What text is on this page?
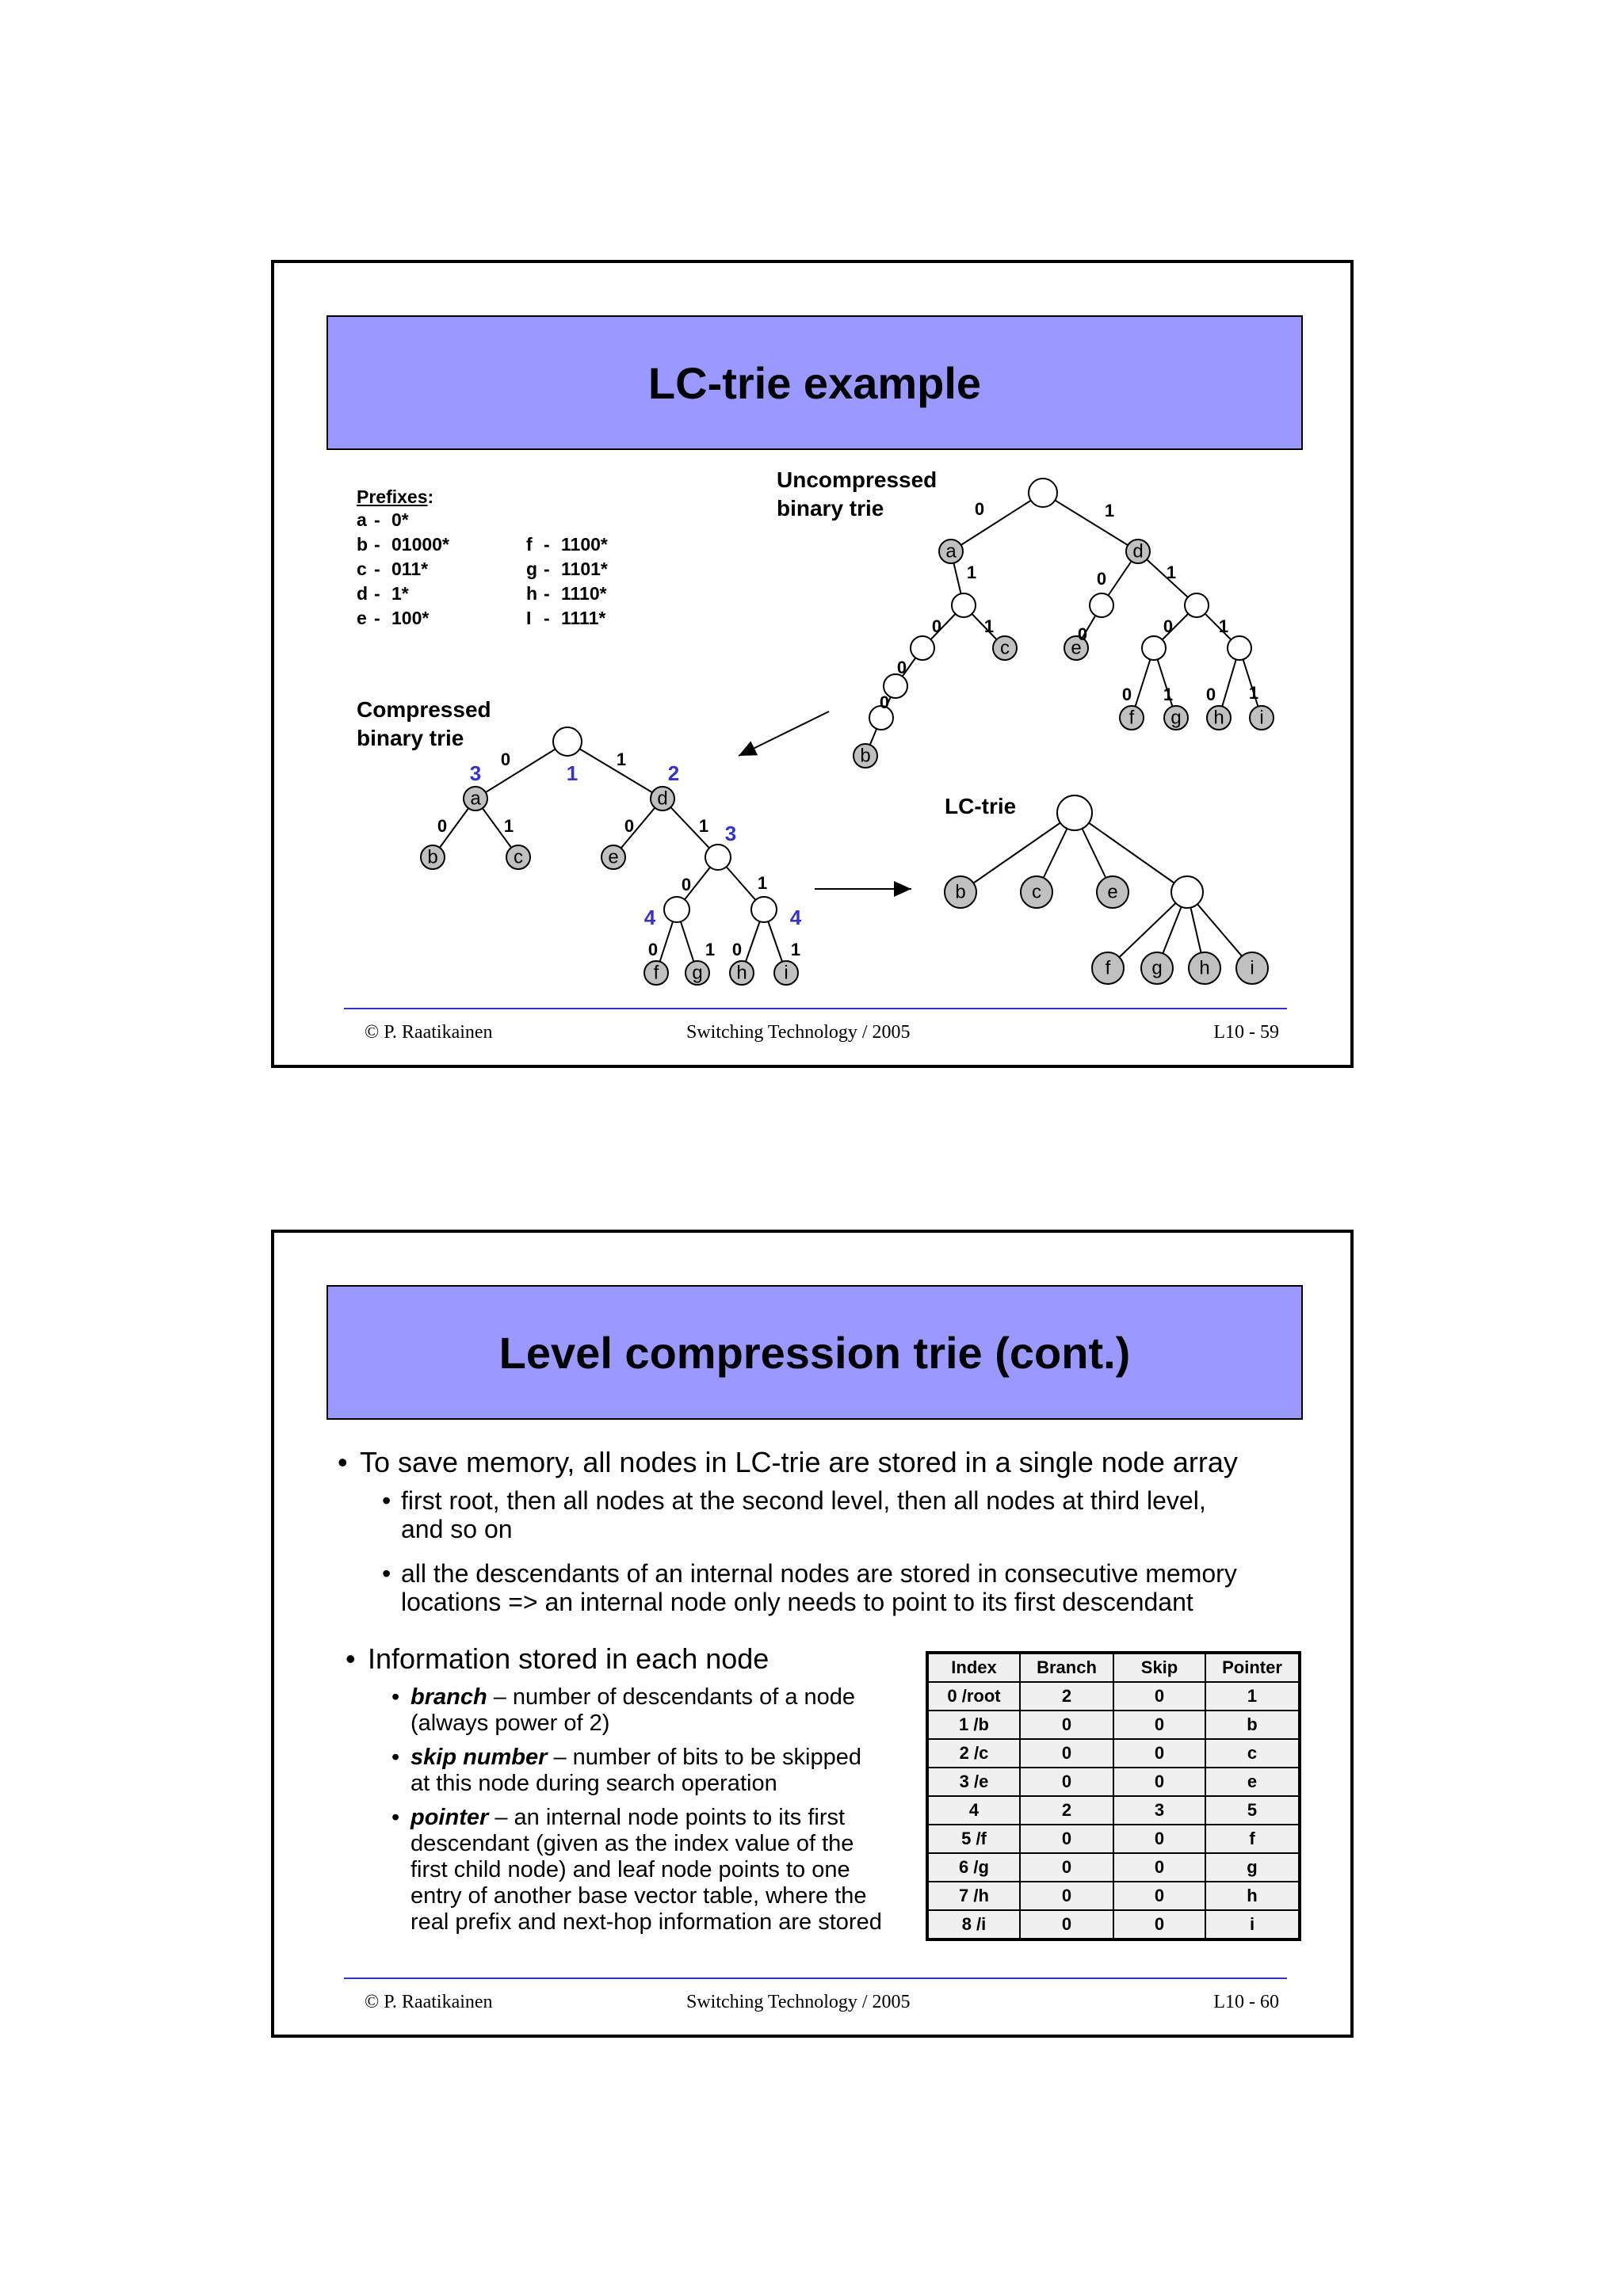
LC-trie example
Prefixes:
Uncompressed
binary trie
Compressed
binary trie
LC-trie
a	d
c	e
b
f g h i
0	1
1	0	1
0 1	0	0	1
0
0	0 1 0 1
a	d
b	c	e
f g h i
0	1
0	1	0	1
0	1
0	1 0	1
3	1	2
3
4	4
b	c	e
f g h i
© P. Raatikainen	Switching Technology / 2005	L10 - 59
a - 0*
b - 01000*
c - 011*
d - 1*
e - 100*
f - 1100*
g - 1101*
h - 1110*
I - 1111*
Level compression trie (cont.)
• To save memory, all nodes in LC-trie are stored in a single node array
• first root, then all nodes at the second level, then all nodes at third level,
and so on
• all the descendants of an internal nodes are stored in consecutive memory
locations => an internal node only needs to point to its first descendant
• Information stored in each node
• branch – number of descendants of a node
(always power of 2)
• skip number – number of bits to be skipped
at this node during search operation
• pointer – an internal node points to its first
descendant (given as the index value of the
first child node) and leaf node points to one
entry of another base vector table, where the
real prefix and next-hop information are stored
Index	Branch	Skip	Pointer
0 /root	2	0	1
1 /b	0	0	b
2 /c	0	0	c
3 /e	0	0	e
4	2	3	5
5 /f	0	0	f
6 /g	0	0	g
7 /h	0	0	h
8 /i	0	0	i
© P. Raatikainen	Switching Technology / 2005	L10 - 60
